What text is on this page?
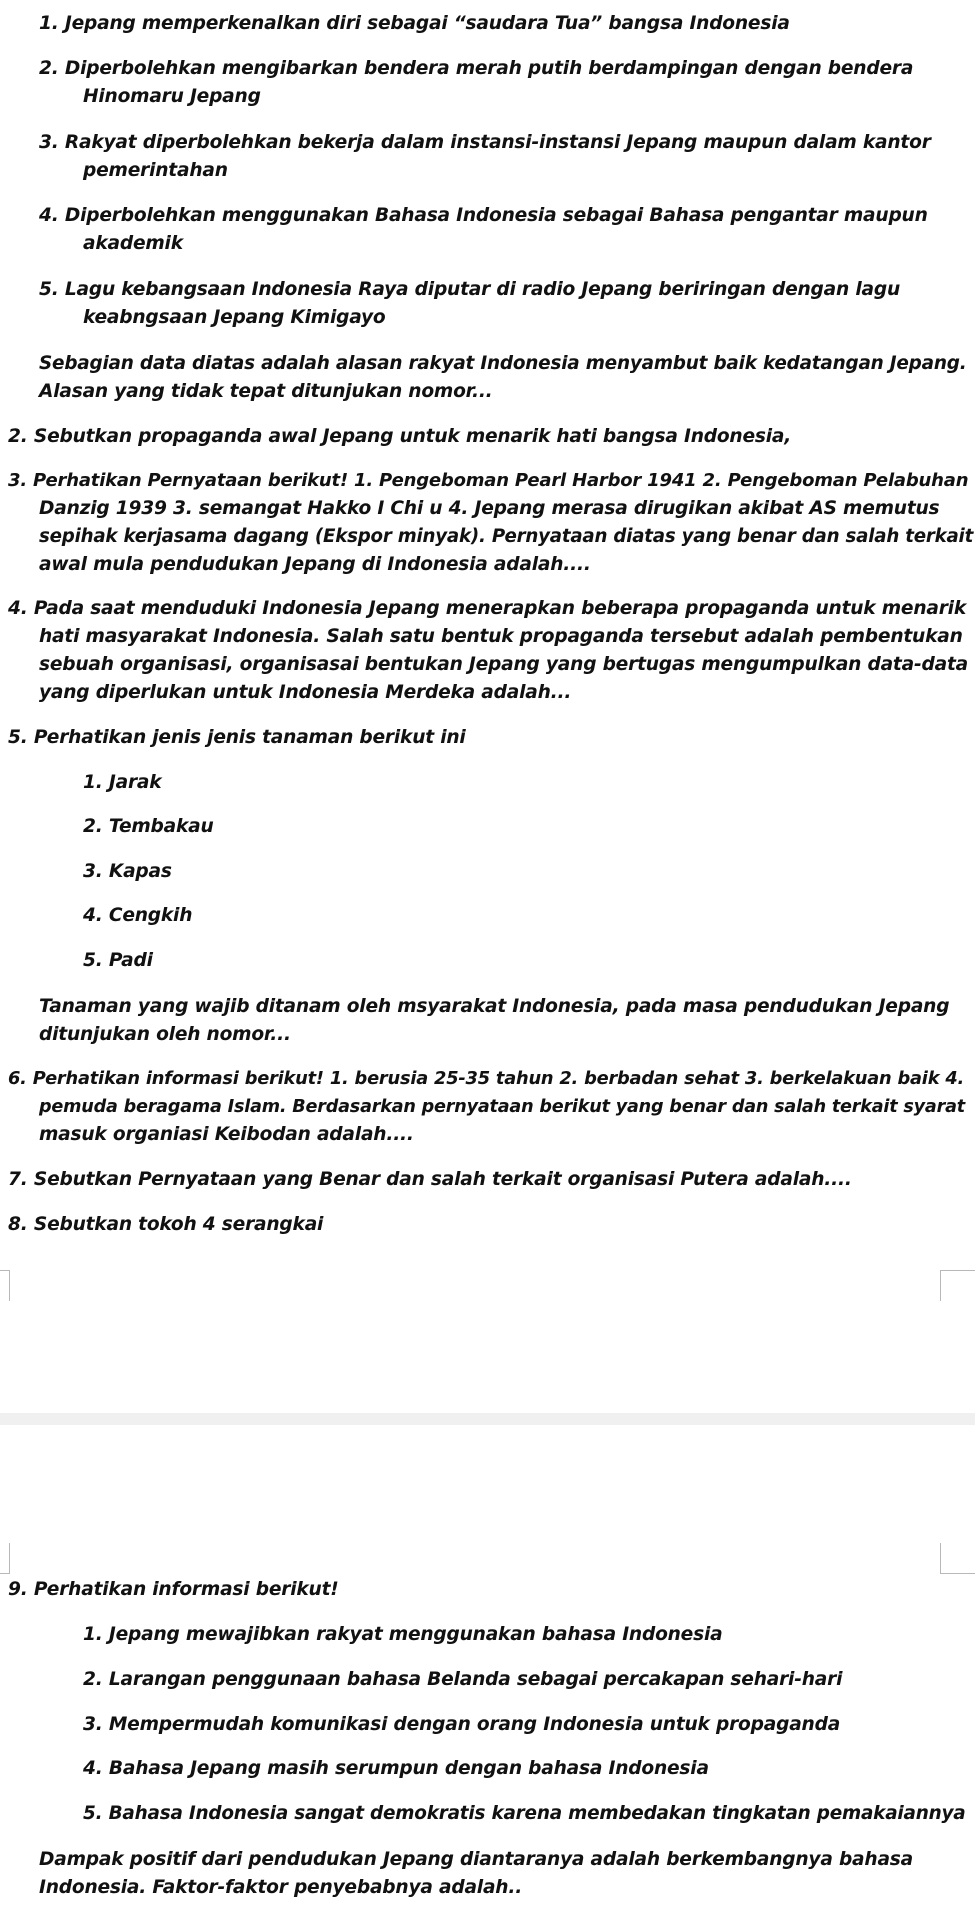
1. Jepang memperkenalkan diri sebagai “saudara Tua” bangsa Indonesia

2. Diperbolehkan mengibarkan bendera merah putih berdampingan dengan bendera

Hinomaru Jepang

3. Rakyat diperbolehkan bekerja dalam instansi-instansi Jepang maupun dalam kantor

pemerintahan

4. Diperbolehkan menggunakan Bahasa Indonesia sebagai Bahasa pengantar maupun

akademik

5. Lagu kebangsaan Indonesia Raya diputar di radio Jepang beriringan dengan lagu

keabngsaan Jepang Kimigayo

Sebagian data diatas adalah alasan rakyat Indonesia menyambut baik kedatangan Jepang.

Alasan yang tidak tepat ditunjukan nomor...

2. Sebutkan propaganda awal Jepang untuk menarik hati bangsa Indonesia,

3. Perhatikan Pernyataan berikut! 1. Pengeboman Pearl Harbor 1941 2. Pengeboman Pelabuhan

Danzig 1939 3. semangat Hakko I Chi u 4. Jepang merasa dirugikan akibat AS memutus

sepihak kerjasama dagang (Ekspor minyak). Pernyataan diatas yang benar dan salah terkait

awal mula pendudukan Jepang di Indonesia adalah....

4. Pada saat menduduki Indonesia Jepang menerapkan beberapa propaganda untuk menarik

hati masyarakat Indonesia. Salah satu bentuk propaganda tersebut adalah pembentukan

sebuah organisasi, organisasai bentukan Jepang yang bertugas mengumpulkan data-data

yang diperlukan untuk Indonesia Merdeka adalah...

5. Perhatikan jenis jenis tanaman berikut ini

1. Jarak

2. Tembakau

3. Kapas

4. Cengkih

5. Padi

Tanaman yang wajib ditanam oleh msyarakat Indonesia, pada masa pendudukan Jepang

ditunjukan oleh nomor...

6. Perhatikan informasi berikut! 1. berusia 25-35 tahun 2. berbadan sehat 3. berkelakuan baik 4.

pemuda beragama Islam. Berdasarkan pernyataan berikut yang benar dan salah terkait syarat

masuk organiasi Keibodan adalah....

7. Sebutkan Pernyataan yang Benar dan salah terkait organisasi Putera adalah....

8. Sebutkan tokoh 4 serangkai

9. Perhatikan informasi berikut!

1. Jepang mewajibkan rakyat menggunakan bahasa Indonesia

2. Larangan penggunaan bahasa Belanda sebagai percakapan sehari-hari

3. Mempermudah komunikasi dengan orang Indonesia untuk propaganda

4. Bahasa Jepang masih serumpun dengan bahasa Indonesia

5. Bahasa Indonesia sangat demokratis karena membedakan tingkatan pemakaiannya

Dampak positif dari pendudukan Jepang diantaranya adalah berkembangnya bahasa

Indonesia. Faktor-faktor penyebabnya adalah..
